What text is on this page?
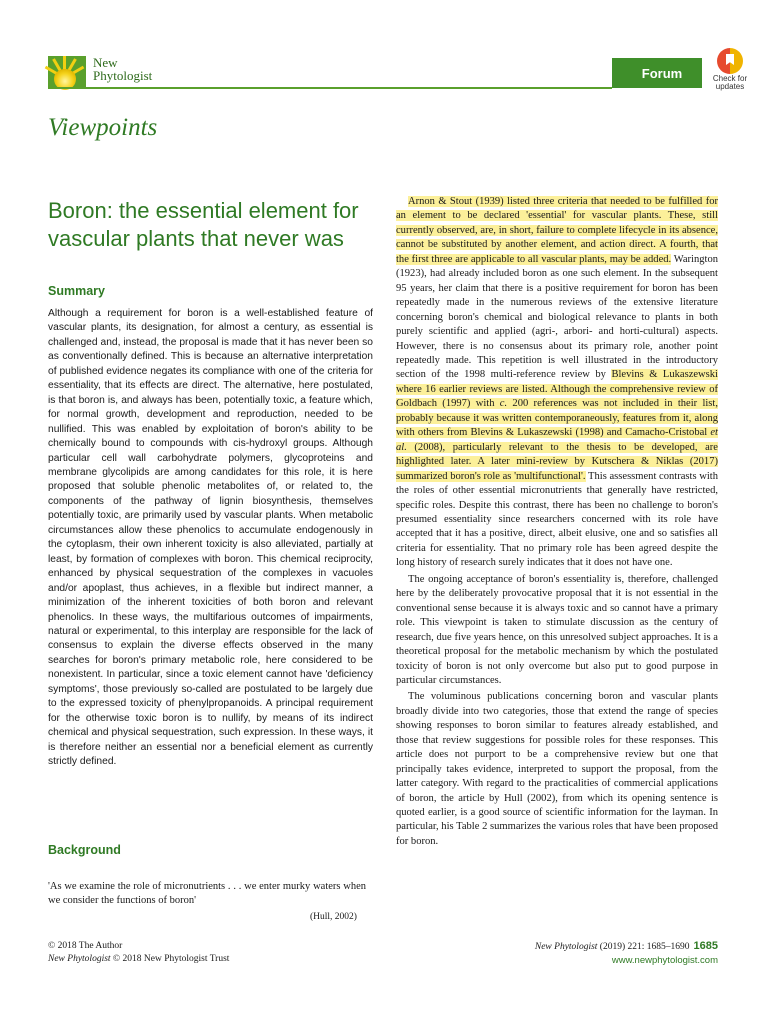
New
Phytologist	Forum	Check for
updates
Viewpoints
Boron: the essential element for vascular plants that never was
Summary
Although a requirement for boron is a well-established feature of vascular plants, its designation, for almost a century, as essential is challenged and, instead, the proposal is made that it has never been so as conventionally defined. This is because an alternative interpretation of published evidence negates its compliance with one of the criteria for essentiality, that its effects are direct. The alternative, here postulated, is that boron is, and always has been, potentially toxic, a feature which, for normal growth, development and reproduction, needed to be nullified. This was enabled by exploitation of boron's ability to be chemically bound to compounds with cis-hydroxyl groups. Although particular cell wall carbohydrate polymers, glycoproteins and membrane glycolipids are among candidates for this role, it is here proposed that soluble phenolic metabolites of, or related to, the components of the pathway of lignin biosynthesis, themselves potentially toxic, are primarily used by vascular plants. When metabolic circumstances allow these phenolics to accumulate endogenously in the cytoplasm, their own inherent toxicity is also alleviated, partially at least, by formation of complexes with boron. This chemical reciprocity, enhanced by physical sequestration of the complexes in vacuoles and/or apoplast, thus achieves, in a flexible but indirect manner, a minimization of the inherent toxicities of both boron and relevant phenolics. In these ways, the multifarious outcomes of impairments, natural or experimental, to this interplay are responsible for the lack of consensus to explain the diverse effects observed in the many searches for boron's primary metabolic role, here considered to be nonexistent. In particular, since a toxic element cannot have 'deficiency symptoms', those previously so-called are postulated to be largely due to the expressed toxicity of phenylpropanoids. A principal requirement for the otherwise toxic boron is to nullify, by means of its indirect chemical and physical sequestration, such expression. In these ways, it is therefore neither an essential nor a beneficial element as currently strictly defined.
Background
'As we examine the role of micronutrients . . . we enter murky waters when we consider the functions of boron'
(Hull, 2002)

Arnon & Stout (1939) listed three criteria that needed to be fulfilled for an element to be declared 'essential' for vascular plants. These, still currently observed, are, in short, failure to complete lifecycle in its absence, cannot be substituted by another element, and action direct. A fourth, that the first three are applicable to all vascular plants, may be added. Warington (1923), had already included boron as one such element. In the subsequent 95 years, her claim that there is a positive requirement for boron has been repeatedly made in the numerous reviews of the extensive literature concerning boron's chemical and biological relevance to plants in both purely scientific and applied (agri-, arbori- and horti-cultural) aspects. However, there is no consensus about its primary role, another point repeatedly made. This repetition is well illustrated in the introductory section of the 1998 multi-reference review by Blevins & Lukaszewski where 16 earlier reviews are listed. Although the comprehensive review of Goldbach (1997) with c. 200 references was not included in their list, probably because it was written contemporaneously, features from it, along with others from Blevins & Lukaszewski (1998) and Camacho-Cristobal et al. (2008), particularly relevant to the thesis to be developed, are highlighted later. A later mini-review by Kutschera & Niklas (2017) summarized boron's role as 'multifunctional'. This assessment contrasts with the roles of other essential micronutrients that generally have restricted, specific roles. Despite this contrast, there has been no challenge to boron's presumed essentiality since researchers concerned with its role have accepted that it has a positive, direct, albeit elusive, one and so satisfies all criteria for essentiality. That no primary role has been agreed despite the long history of research surely indicates that it does not have one.

The ongoing acceptance of boron's essentiality is, therefore, challenged here by the deliberately provocative proposal that it is not essential in the conventional sense because it is always toxic and so cannot have a primary role. This viewpoint is taken to stimulate discussion as the century of research, due five years hence, on this unresolved subject approaches. It is a theoretical proposal for the metabolic mechanism by which the postulated toxicity of boron is not only overcome but also put to good purpose in particular circumstances.

The voluminous publications concerning boron and vascular plants broadly divide into two categories, those that extend the range of species showing responses to boron similar to features already established, and those that review suggestions for possible roles for these responses. This article does not purport to be a comprehensive review but one that principally takes evidence, interpreted to support the proposal, from the latter category. With regard to the practicalities of commercial applications of boron, the article by Hull (2002), from which its opening sentence is quoted earlier, is a good source of scientific information for the layman. In particular, his Table 2 summarizes the various roles that have been proposed for boron.

© 2018 The Author
New Phytologist © 2018 New Phytologist Trust
New Phytologist (2019) 221: 1685–1690 1685
www.newphytologist.com
